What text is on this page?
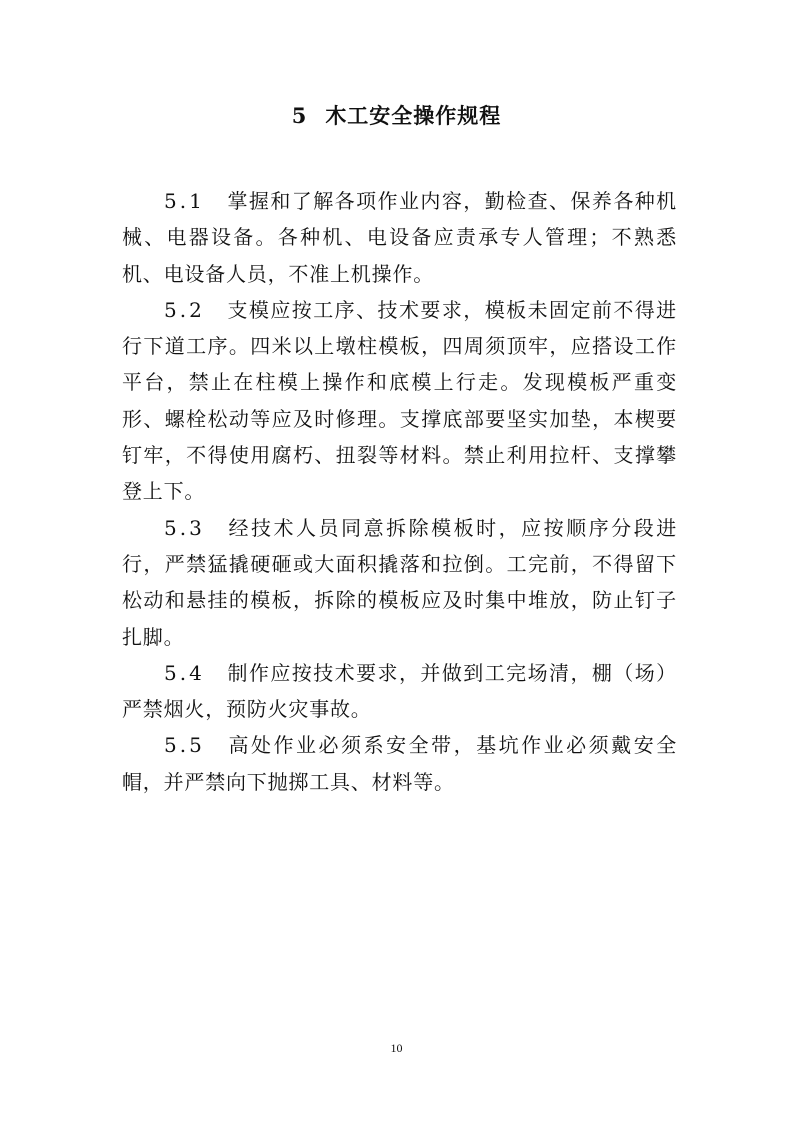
5 木工安全操作规程

5.1 掌握和了解各项作业内容，勤检查、保养各种机械、电器设备。各种机、电设备应责承专人管理；不熟悉机、电设备人员，不准上机操作。

5.2 支模应按工序、技术要求，模板未固定前不得进行下道工序。四米以上墩柱模板，四周须顶牢，应搭设工作平台，禁止在柱模上操作和底模上行走。发现模板严重变形、螺栓松动等应及时修理。支撑底部要坚实加垫，本楔要钉牢，不得使用腐朽、扭裂等材料。禁止利用拉杆、支撑攀登上下。

5.3 经技术人员同意拆除模板时，应按顺序分段进行，严禁猛撬硬砸或大面积撬落和拉倒。工完前，不得留下松动和悬挂的模板，拆除的模板应及时集中堆放，防止钉子扎脚。

5.4 制作应按技术要求，并做到工完场清，棚（场）严禁烟火，预防火灾事故。

5.5 高处作业必须系安全带，基坑作业必须戴安全帽，并严禁向下抛掷工具、材料等。

10
